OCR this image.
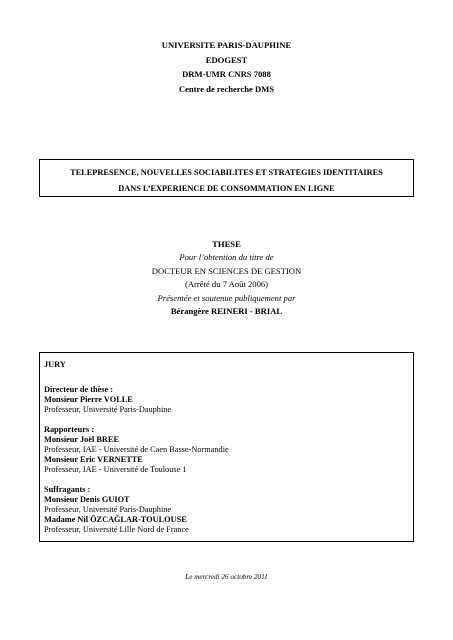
UNIVERSITE PARIS-DAUPHINE

EDOGEST

DRM-UMR CNRS 7088

Centre de recherche DMS

TELEPRESENCE, NOUVELLES SOCIABILITES ET STRATEGIES IDENTITAIRES

DANS L’EXPERIENCE DE CONSOMMATION EN LIGNE

THESE

Pour l’obtention du titre de

DOCTEUR EN SCIENCES DE GESTION

(Arrêté du 7 Août 2006)

Présentée et soutenue publiquement par

Bérangère REINERI - BRIAL

JURY

Directeur de thèse :

Monsieur Pierre VOLLE

Professeur, Université Paris-Dauphine

Rapporteurs :

Monsieur Joël BREE

Professeur, IAE - Université de Caen Basse-Normandie

Monsieur Eric VERNETTE

Professeur, IAE - Université de Toulouse 1

Suffragants :

Monsieur Denis GUIOT

Professeur, Université Paris-Dauphine

Madame Nil ÖZCAĞLAR-TOULOUSE

Professeur, Université Lille Nord de France

Le mercredi 26 octobre 2011
